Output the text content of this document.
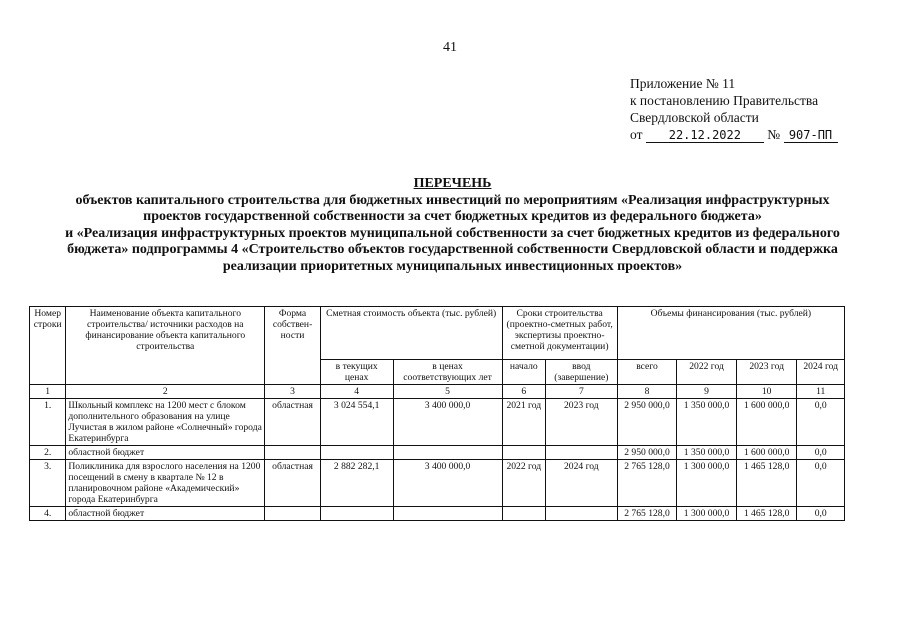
41
Приложение № 11
к постановлению Правительства
Свердловской области
от 22.12.2022 № 907-ПП
ПЕРЕЧЕНЬ
объектов капитального строительства для бюджетных инвестиций по мероприятиям «Реализация инфраструктурных
проектов государственной собственности за счет бюджетных кредитов из федерального бюджета»
и «Реализация инфраструктурных проектов муниципальной собственности за счет бюджетных кредитов из федерального
бюджета» подпрограммы 4 «Строительство объектов государственной собственности Свердловской области и поддержка
реализации приоритетных муниципальных инвестиционных проектов»
Номер строки	Наименование объекта капитального строительства/ источники расходов на финансирование объекта капитального строительства	Форма собствен- ности	Сметная стоимость объекта (тыс. рублей)		Сроки строительства (проектно-сметных работ, экспертизы проектно-сметной документации)		Объемы финансирования (тыс. рублей)			
			в текущих ценах	в ценах соответствующих лет	начало	ввод (завершение)	всего	2022 год	2023 год	2024 год
1	2	3	4	5	6	7	8	9	10	11
1.	Школьный комплекс на 1200 мест с блоком дополнительного образования на улице Лучистая в жилом районе «Солнечный» города Екатеринбурга	областная	3 024 554,1	3 400 000,0	2021 год	2023 год	2 950 000,0	1 350 000,0	1 600 000,0	0,0
2.	областной бюджет						2 950 000,0	1 350 000,0	1 600 000,0	0,0
3.	Поликлиника для взрослого населения на 1200 посещений в смену в квартале № 12 в планировочном районе «Академический» города Екатеринбурга	областная	2 882 282,1	3 400 000,0	2022 год	2024 год	2 765 128,0	1 300 000,0	1 465 128,0	0,0
4.	областной бюджет						2 765 128,0	1 300 000,0	1 465 128,0	0,0
